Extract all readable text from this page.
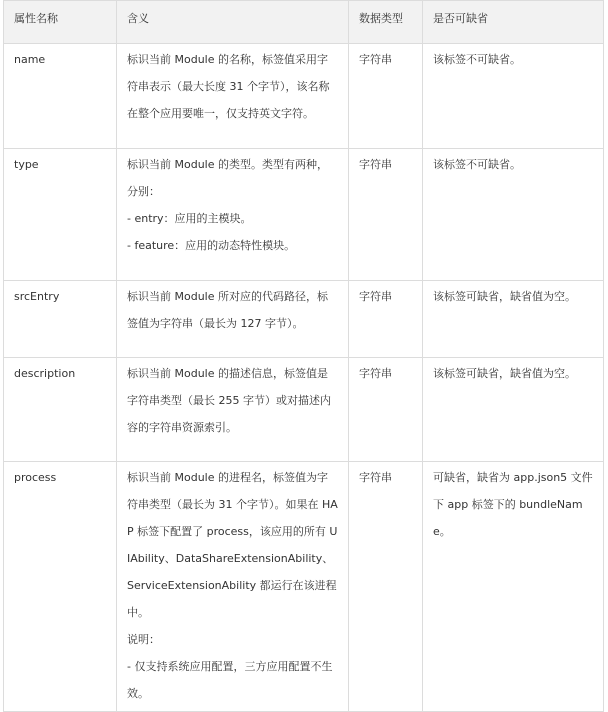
属性名称	含义	数据类型	是否可缺省
name	标识当前 Module 的名称，标签值采用字符串表示（最大长度 31 个字节），该名称在整个应用要唯一，仅支持英文字符。	字符串	该标签不可缺省。
type	标识当前 Module 的类型。类型有两种，分别：
- entry：应用的主模块。
- feature：应用的动态特性模块。	字符串	该标签不可缺省。
srcEntry	标识当前 Module 所对应的代码路径，标签值为字符串（最长为 127 字节）。	字符串	该标签可缺省，缺省值为空。
description	标识当前 Module 的描述信息，标签值是字符串类型（最长 255 字节）或对描述内容的字符串资源索引。	字符串	该标签可缺省，缺省值为空。
process	标识当前 Module 的进程名，标签值为字符串类型（最长为 31 个字节）。如果在 HAP 标签下配置了 process，该应用的所有 UIAbility、DataShareExtensionAbility、ServiceExtensionAbility 都运行在该进程中。
说明：
- 仅支持系统应用配置，三方应用配置不生效。	字符串	可缺省，缺省为 app.json5 文件下 app 标签下的 bundleName。
